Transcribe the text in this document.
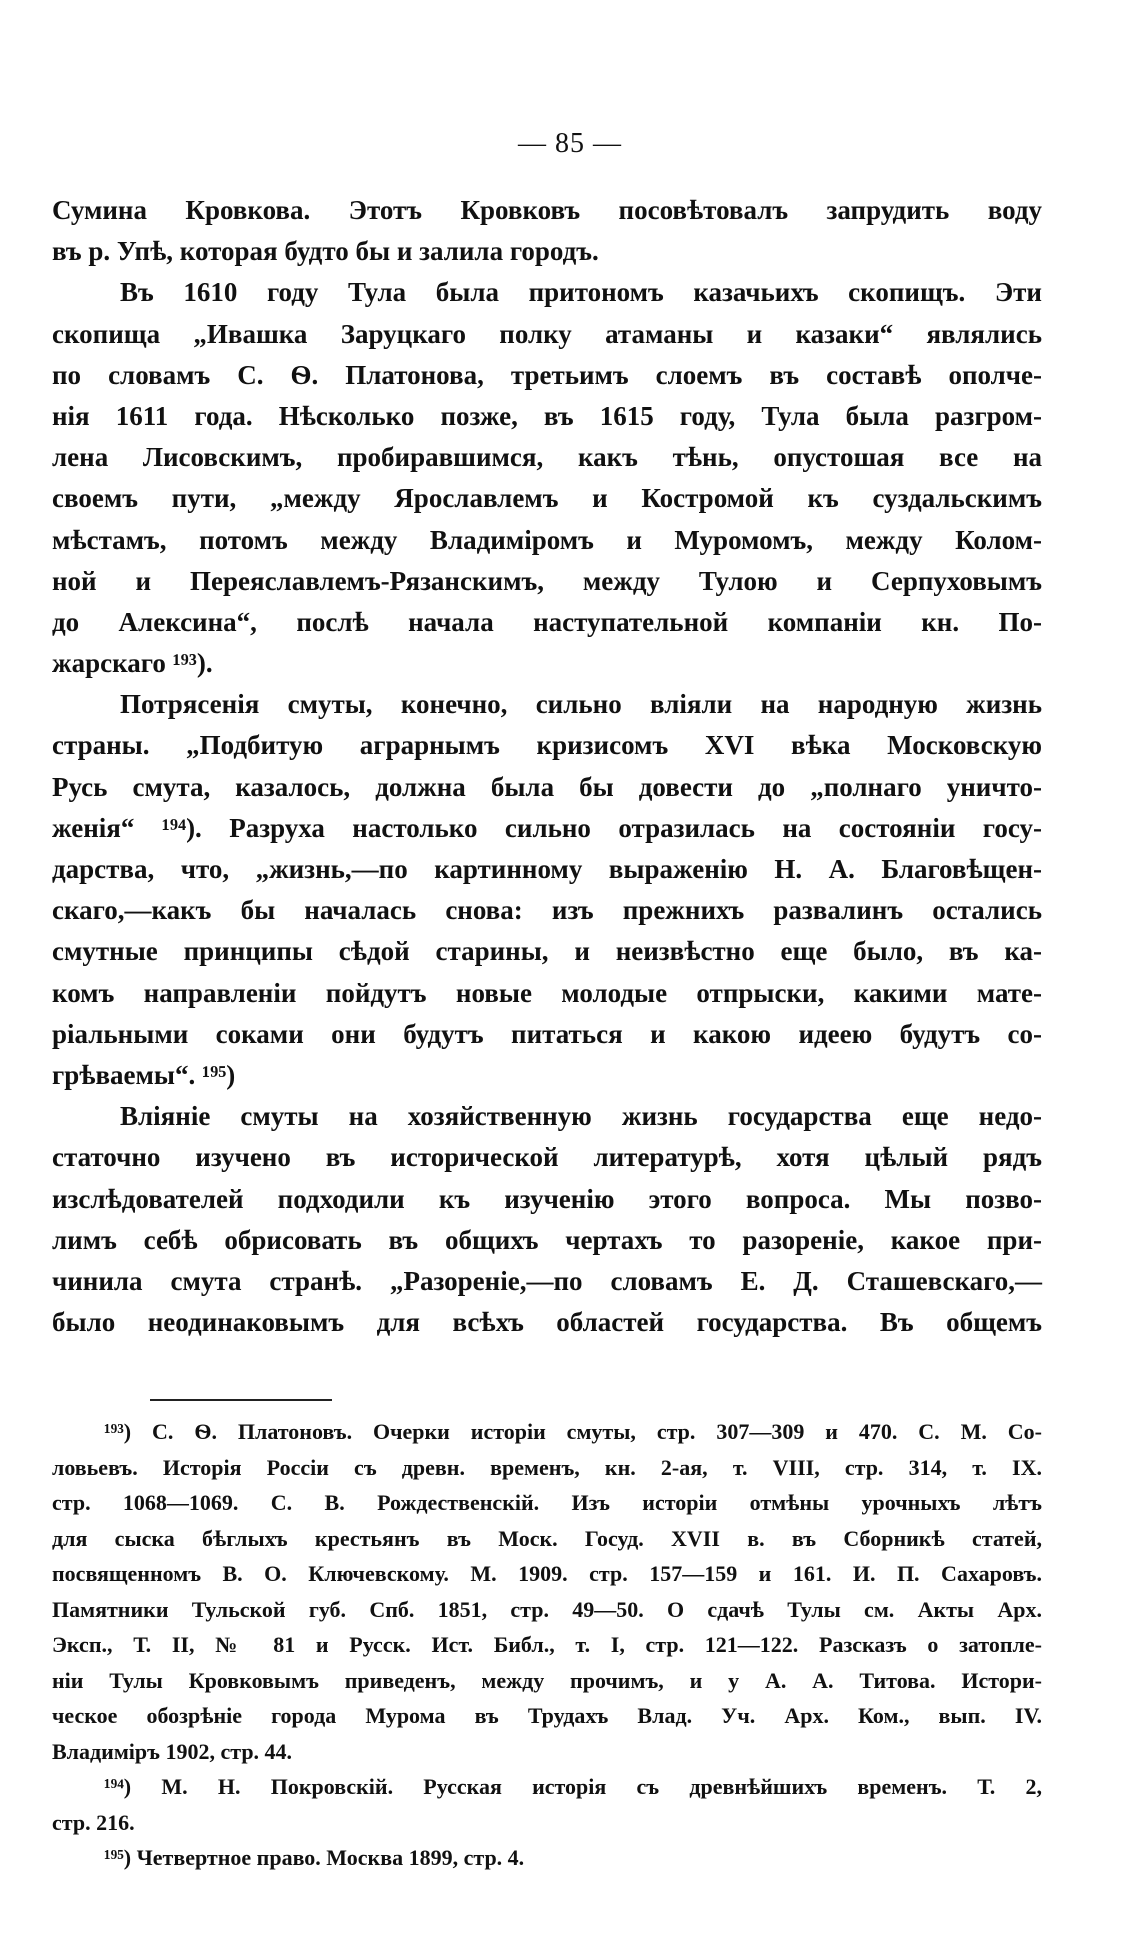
— 85 —
Сумина Кровкова. Этотъ Кровковъ посовѣтовалъ запрудить воду
въ р. Упѣ, которая будто бы и залила городъ.
Въ 1610 году Тула была притономъ казачьихъ скопищъ. Эти
скопища „Ивашка Заруцкаго полку атаманы и казаки“ являлись
по словамъ С. Ѳ. Платонова, третьимъ слоемъ въ составѣ ополче-
нія 1611 года. Нѣсколько позже, въ 1615 году, Тула была разгром-
лена Лисовскимъ, пробиравшимся, какъ тѣнь, опустошая все на
своемъ пути, „между Ярославлемъ и Костромой къ суздальскимъ
мѣстамъ, потомъ между Владиміромъ и Муромомъ, между Колом-
ной и Переяславлемъ-Рязанскимъ, между Тулою и Серпуховымъ
до Алексина“, послѣ начала наступательной компаніи кн. По-
жарскаго ¹⁹³).
Потрясенія смуты, конечно, сильно вліяли на народную жизнь
страны. „Подбитую аграрнымъ кризисомъ XVI вѣка Московскую
Русь смута, казалось, должна была бы довести до „полнаго уничто-
женія“ ¹⁹⁴). Разруха настолько сильно отразилась на состояніи госу-
дарства, что, „жизнь,—по картинному выраженію Н. А. Благовѣщен-
скаго,—какъ бы началась снова: изъ прежнихъ развалинъ остались
смутные принципы сѣдой старины, и неизвѣстно еще было, въ ка-
комъ направленіи пойдутъ новые молодые отпрыски, какими мате-
ріальными соками они будутъ питаться и какою идеею будутъ со-
грѣваемы“. ¹⁹⁵)
Вліяніе смуты на хозяйственную жизнь государства еще недо-
статочно изучено въ исторической литературѣ, хотя цѣлый рядъ
изслѣдователей подходили къ изученію этого вопроса. Мы позво-
лимъ себѣ обрисовать въ общихъ чертахъ то разореніе, какое при-
чинила смута странѣ. „Разореніе,—по словамъ Е. Д. Сташевскаго,—
было неодинаковымъ для всѣхъ областей государства. Въ общемъ
¹⁹³) С. Ѳ. Платоновъ. Очерки исторіи смуты, стр. 307—309 и 470. С. М. Со-
ловьевъ. Исторія Россіи съ древн. временъ, кн. 2-ая, т. VIII, стр. 314, т. IX.
стр. 1068—1069. С. В. Рождественскій. Изъ исторіи отмѣны урочныхъ лѣтъ
для сыска бѣглыхъ крестьянъ въ Моск. Госуд. XVII в. въ Сборникѣ статей,
посвященномъ В. О. Ключевскому. М. 1909. стр. 157—159 и 161. И. П. Сахаровъ.
Памятники Тульской губ. Спб. 1851, стр. 49—50. О сдачѣ Тулы см. Акты Арх.
Эксп., Т. II, № 81 и Русск. Ист. Библ., т. I, стр. 121—122. Разсказъ о затопле-
ніи Тулы Кровковымъ приведенъ, между прочимъ, и у А. А. Титова. Истори-
ческое обозрѣніе города Мурома въ Трудахъ Влад. Уч. Арх. Ком., вып. IV.
Владиміръ 1902, стр. 44.
¹⁹⁴) М. Н. Покровскій. Русская исторія съ древнѣйшихъ временъ. Т. 2,
стр. 216.
¹⁹⁵) Четвертное право. Москва 1899, стр. 4.
